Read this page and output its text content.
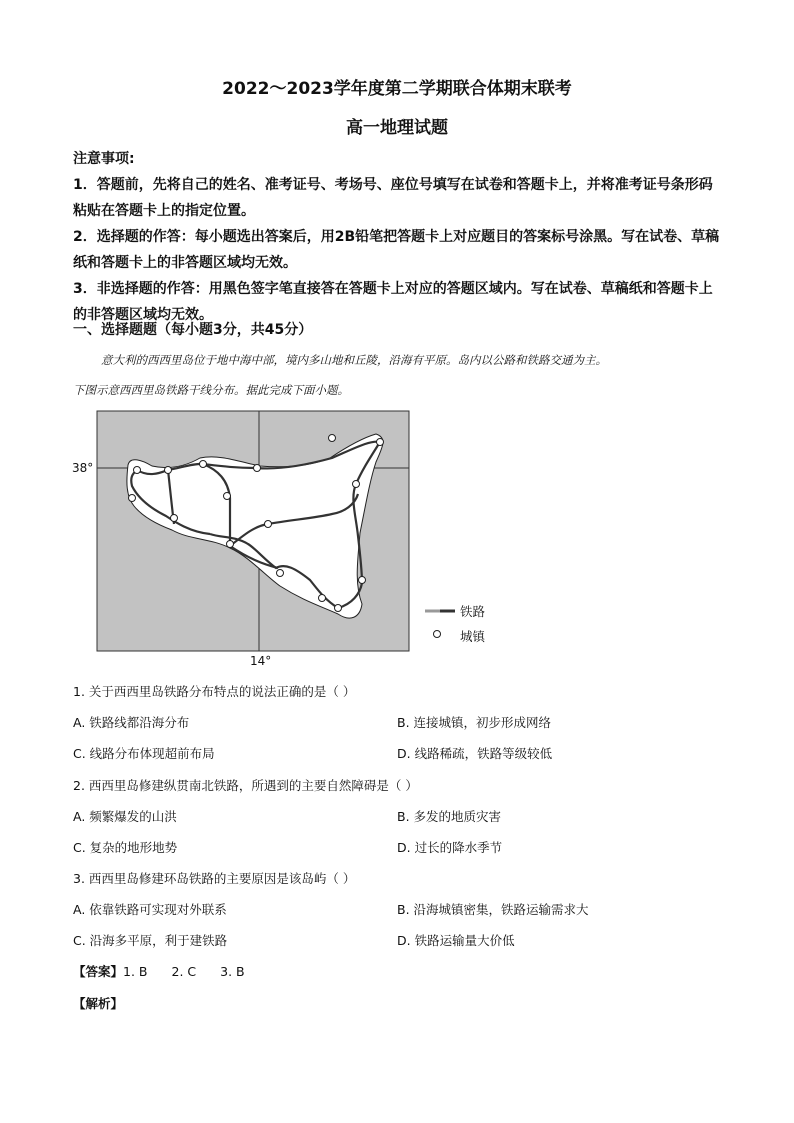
2022～2023学年度第二学期联合体期末联考
高一地理试题

注意事项:

1．答题前，先将自己的姓名、准考证号、考场号、座位号填写在试卷和答题卡上，并将准考证号条形码粘贴在答题卡上的指定位置。

2．选择题的作答：每小题选出答案后，用2B铅笔把答题卡上对应题目的答案标号涂黑。写在试卷、草稿纸和答题卡上的非答题区域均无效。

3．非选择题的作答：用黑色签字笔直接答在答题卡上对应的答题区域内。写在试卷、草稿纸和答题卡上的非答题区域均无效。

一、选择题题（每小题3分，共45分）
意大利的西西里岛位于地中海中部，境内多山地和丘陵，沿海有平原。岛内以公路和铁路交通为主。
下图示意西西里岛铁路干线分布。据此完成下面小题。
38°
14°
铁路
城镇
1. 关于西西里岛铁路分布特点的说法正确的是（ ）
A. 铁路线都沿海分布	B. 连接城镇，初步形成网络
C. 线路分布体现超前布局	D. 线路稀疏，铁路等级较低
2. 西西里岛修建纵贯南北铁路，所遇到的主要自然障碍是（ ）
A. 频繁爆发的山洪	B. 多发的地质灾害
C. 复杂的地形地势	D. 过长的降水季节
3. 西西里岛修建环岛铁路的主要原因是该岛屿（ ）
A. 依靠铁路可实现对外联系	B. 沿海城镇密集，铁路运输需求大
C. 沿海多平原，利于建铁路	D. 铁路运输量大价低
【答案】1. B 2. C 3. B
【解析】
